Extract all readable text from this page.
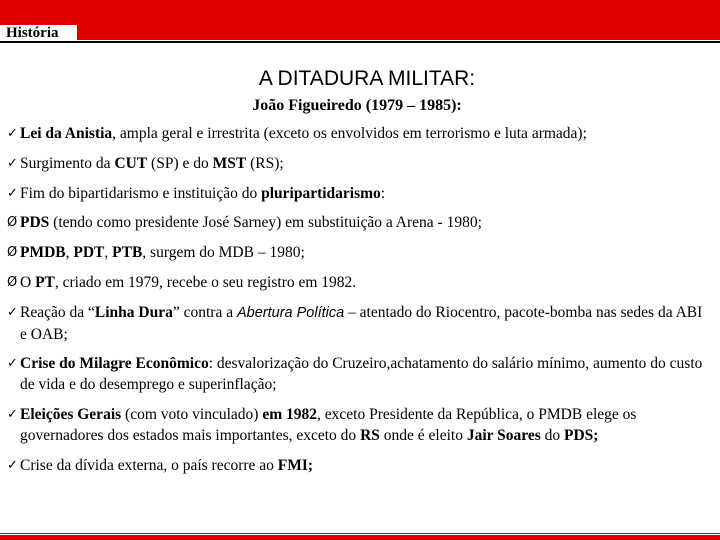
História
A DITADURA MILITAR:
João Figueiredo (1979 – 1985):
✓ Lei da Anistia, ampla geral e irrestrita (exceto os envolvidos em terrorismo e luta armada);
✓ Surgimento da CUT (SP) e do MST (RS);
✓ Fim do bipartidarismo e instituição do pluripartidarismo:
Ø PDS (tendo como presidente José Sarney) em substituição a Arena - 1980;
Ø PMDB, PDT, PTB, surgem do MDB – 1980;
Ø O PT, criado em 1979, recebe o seu registro em 1982.
✓ Reação da “Linha Dura” contra a Abertura Política – atentado do Riocentro, pacote-bomba nas sedes da ABI e OAB;
✓ Crise do Milagre Econômico: desvalorização do Cruzeiro,achatamento do salário mínimo, aumento do custo de vida e do desemprego e superinflação;
✓ Eleições Gerais (com voto vinculado) em 1982, exceto Presidente da República, o PMDB elege os governadores dos estados mais importantes, exceto do RS onde é eleito Jair Soares do PDS;
✓ Crise da dívida externa, o país recorre ao FMI;
